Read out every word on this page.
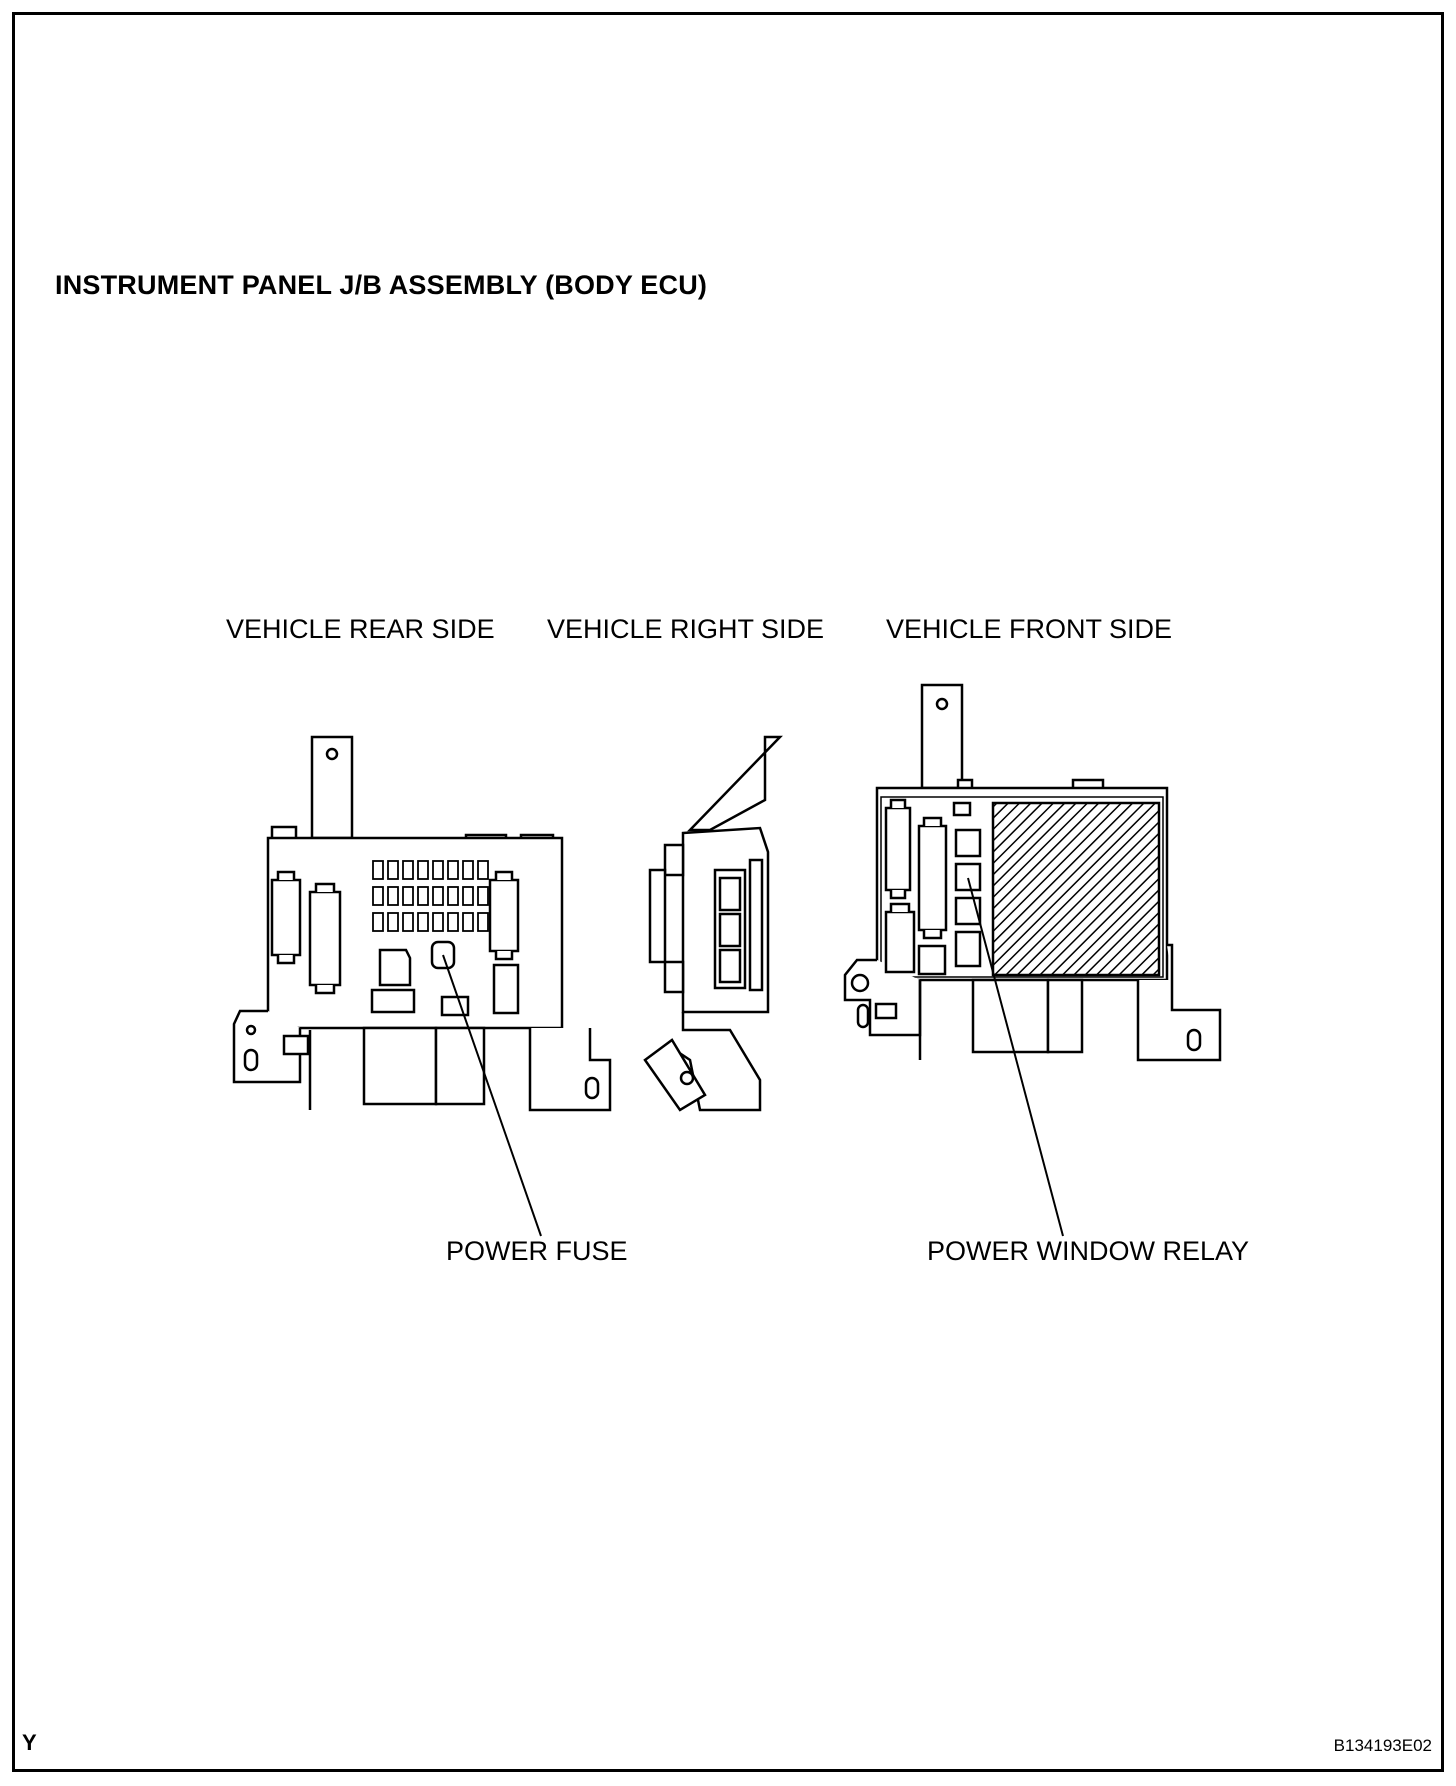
INSTRUMENT PANEL J/B ASSEMBLY (BODY ECU)
VEHICLE REAR SIDE VEHICLE RIGHT SIDE VEHICLE FRONT SIDE
POWER FUSE	POWER WINDOW RELAY
Y	B134193E02
